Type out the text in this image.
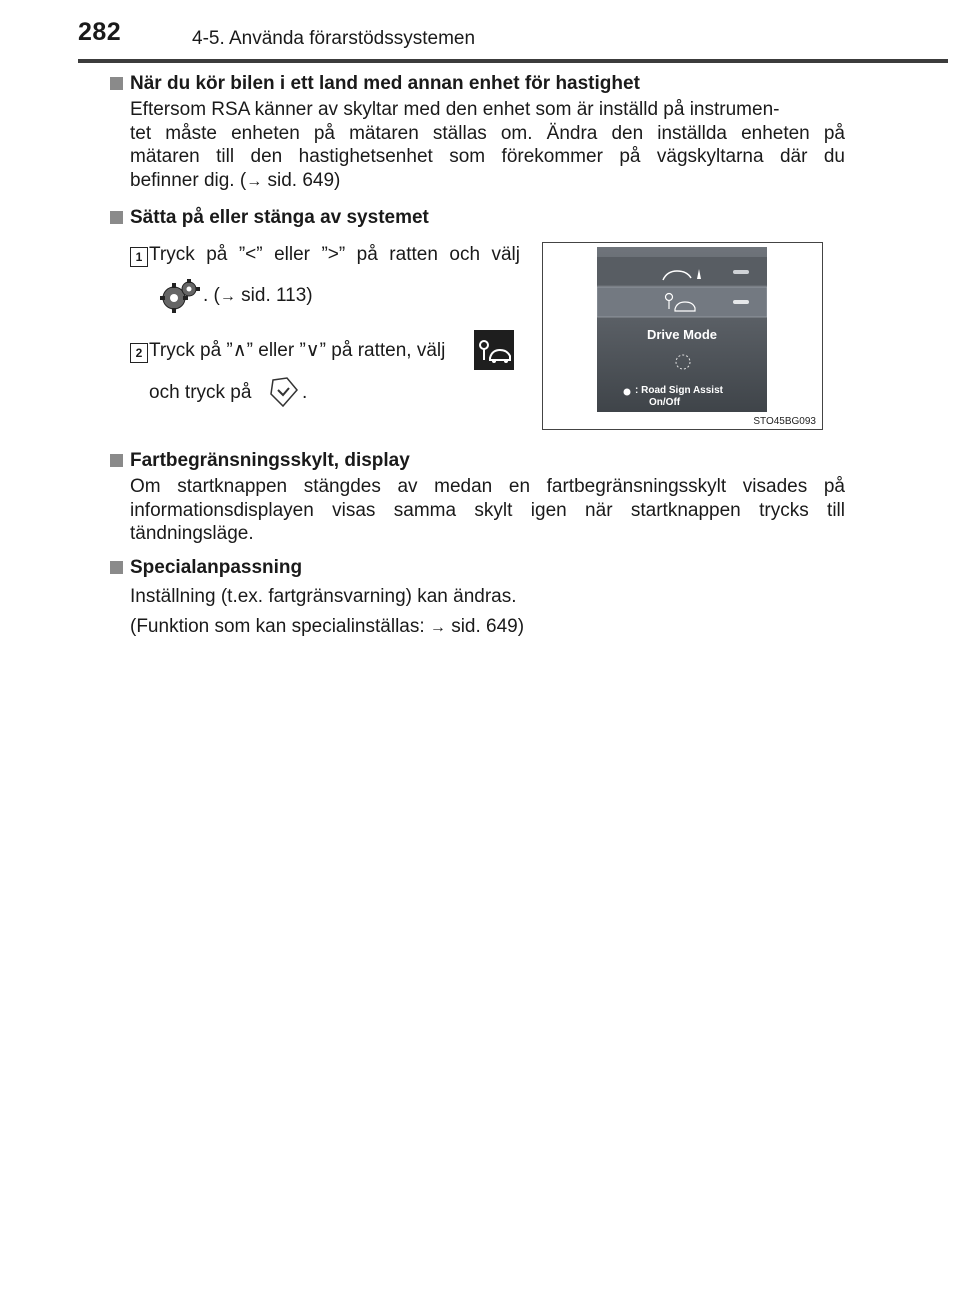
282	4-5. Använda förarstödssystemen
När du kör bilen i ett land med annan enhet för hastighet
Eftersom RSA känner av skyltar med den enhet som är inställd på instrumen-
tet måste enheten på mätaren ställas om. Ändra den inställda enheten på
mätaren till den hastighetsenhet som förekommer på vägskyltarna där du
befinner dig. (→ sid. 649)
Sätta på eller stänga av systemet
1 Tryck på ”<” eller ”>” på ratten och välj
. (→ sid. 113)
2 Tryck på ”∧” eller ”∨” på ratten, välj
och tryck på	.
Drive Mode
: Road Sign Assist
On/Off
STO45BG093
Fartbegränsningsskylt, display
Om startknappen stängdes av medan en fartbegränsningsskylt visades på
informationsdisplayen visas samma skylt igen när startknappen trycks till
tändningsläge.
Specialanpassning
Inställning (t.ex. fartgränsvarning) kan ändras.
(Funktion som kan specialinställas: → sid. 649)
